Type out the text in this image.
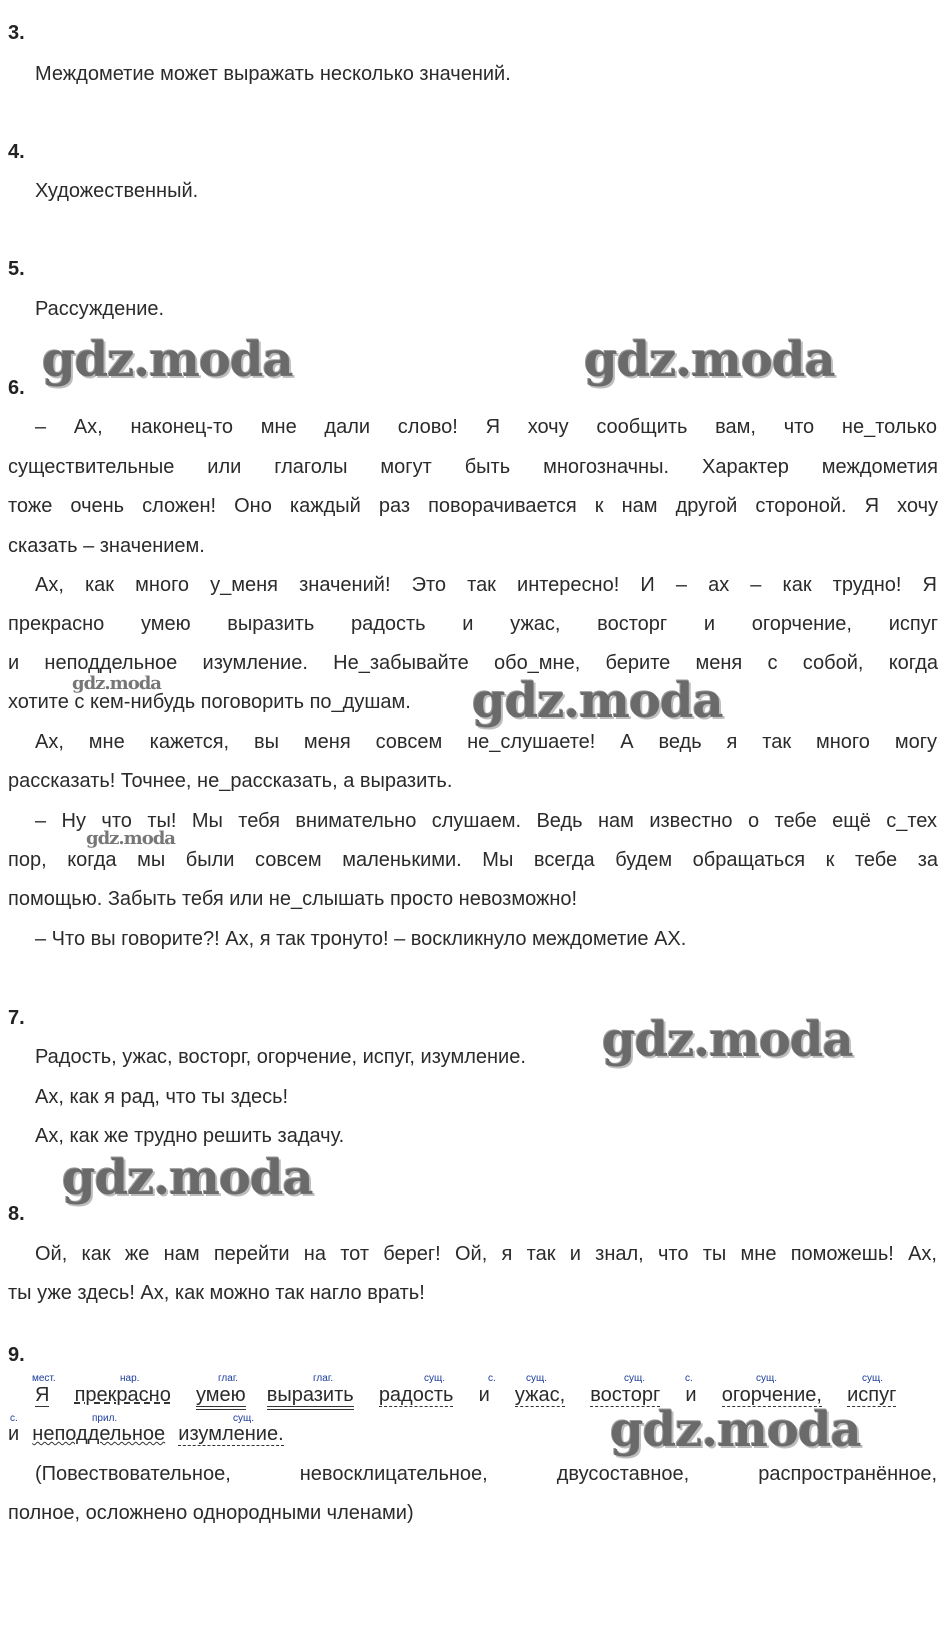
3.
Междометие может выражать несколько значений.
4.
Художественный.
5.
Рассуждение.
6.
– Ах, наконец-то мне дали слово! Я хочу сообщить вам, что не_только
существительные или глаголы могут быть многозначны. Характер междометия
тоже очень сложен! Оно каждый раз поворачивается к нам другой стороной. Я хочу
сказать – значением.
Ах, как много у_меня значений! Это так интересно! И – ах – как трудно! Я
прекрасно умею выразить радость и ужас, восторг и огорчение, испуг
и неподдельное изумление. Не_забывайте обо_мне, берите меня с собой, когда
хотите с кем-нибудь поговорить по_душам.
Ах, мне кажется, вы меня совсем не_слушаете! А ведь я так много могу
рассказать! Точнее, не_рассказать, а выразить.
– Ну что ты! Мы тебя внимательно слушаем. Ведь нам известно о тебе ещё с_тех
пор, когда мы были совсем маленькими. Мы всегда будем обращаться к тебе за
помощью. Забыть тебя или не_слышать просто невозможно!
– Что вы говорите?! Ах, я так тронуто! – воскликнуло междометие АХ.
7.
Радость, ужас, восторг, огорчение, испуг, изумление.
Ах, как я рад, что ты здесь!
Ах, как же трудно решить задачу.
8.
Ой, как же нам перейти на тот берег! Ой, я так и знал, что ты мне поможешь! Ах,
ты уже здесь! Ах, как можно так нагло врать!
9.
мест.	нар.	глаг.	глаг.	сущ.	с.	сущ.	сущ.	с.	сущ.	сущ.
Я прекрасно умею выразить радость и ужас, восторг и огорчение, испуг
с.	прил.	сущ.
и неподдельное изумление.
(Повествовательное, невосклицательное, двусоставное, распространённое,
полное, осложнено однородными членами)
gdz.moda	gdz.moda
gdz.moda	gdz.moda
gdz.moda
gdz.moda
gdz.moda
gdz.moda
